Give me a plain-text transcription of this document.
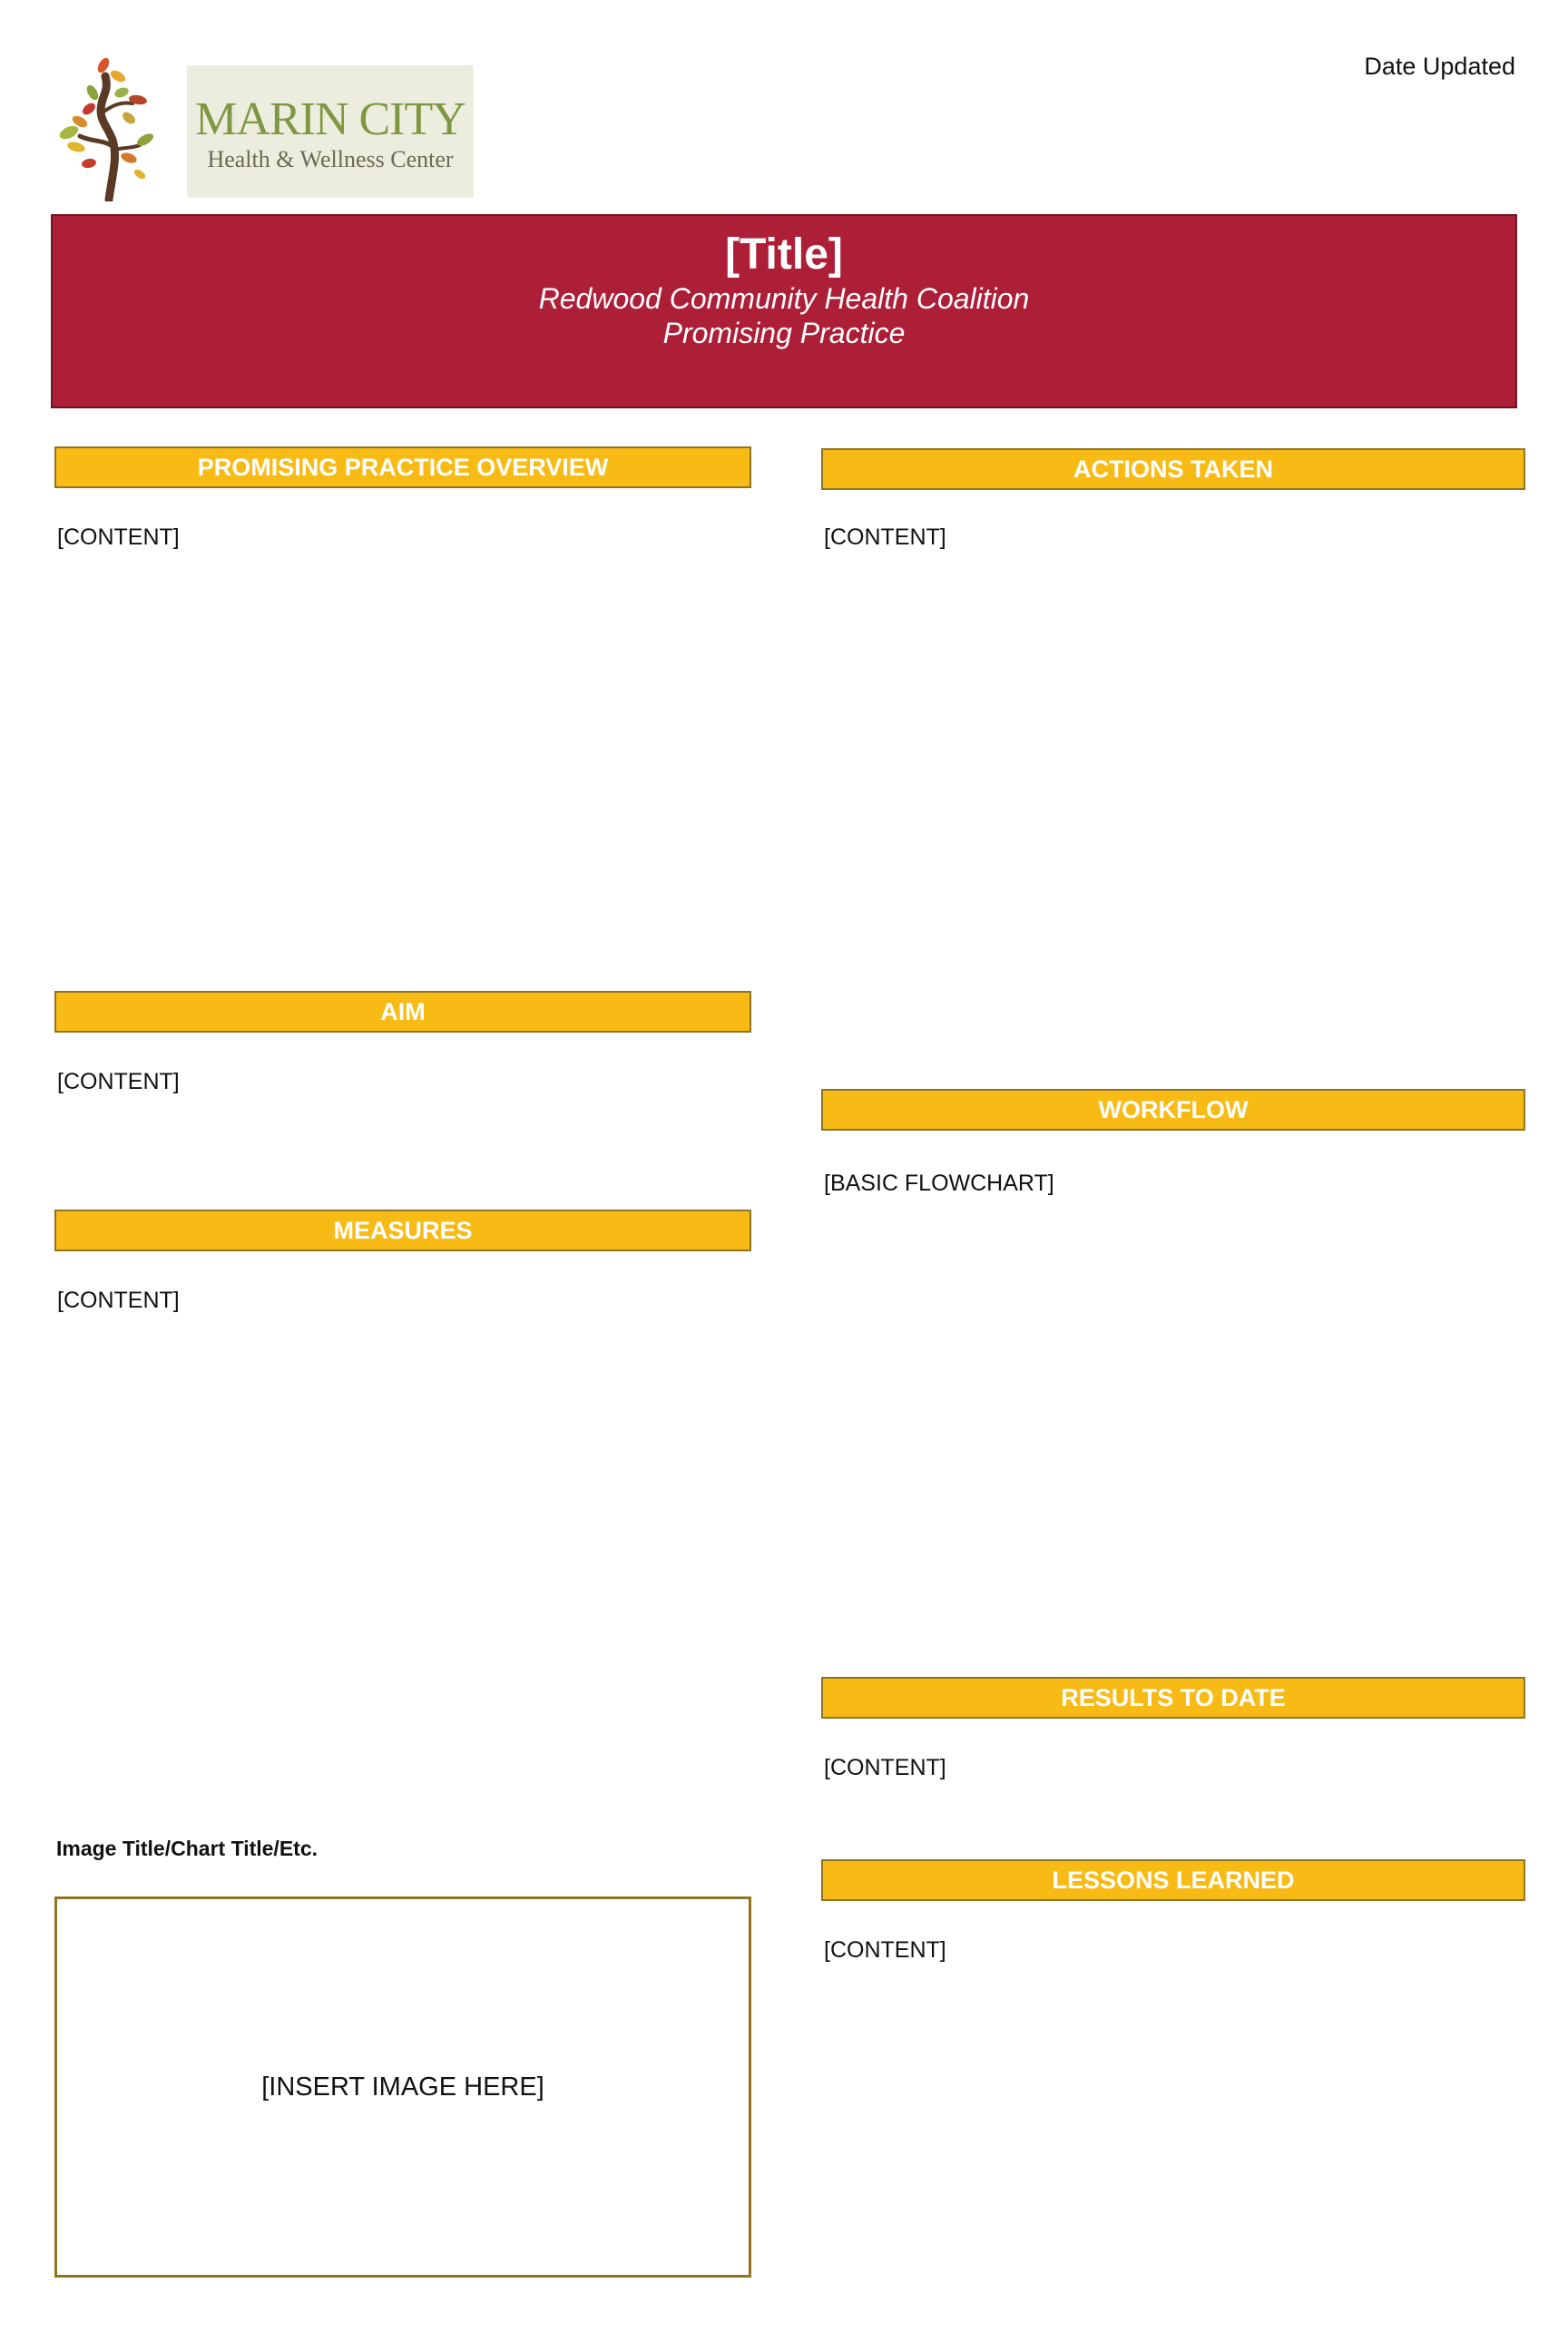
Date Updated
MARIN CITY
Health & Wellness Center
[Title]
Redwood Community Health Coalition
Promising Practice
PROMISING PRACTICE OVERVIEW
[CONTENT]
AIM
[CONTENT]
MEASURES
[CONTENT]
Image Title/Chart Title/Etc.
[INSERT IMAGE HERE]
ACTIONS TAKEN
[CONTENT]
WORKFLOW
[BASIC FLOWCHART]
RESULTS TO DATE
[CONTENT]
LESSONS LEARNED
[CONTENT]
